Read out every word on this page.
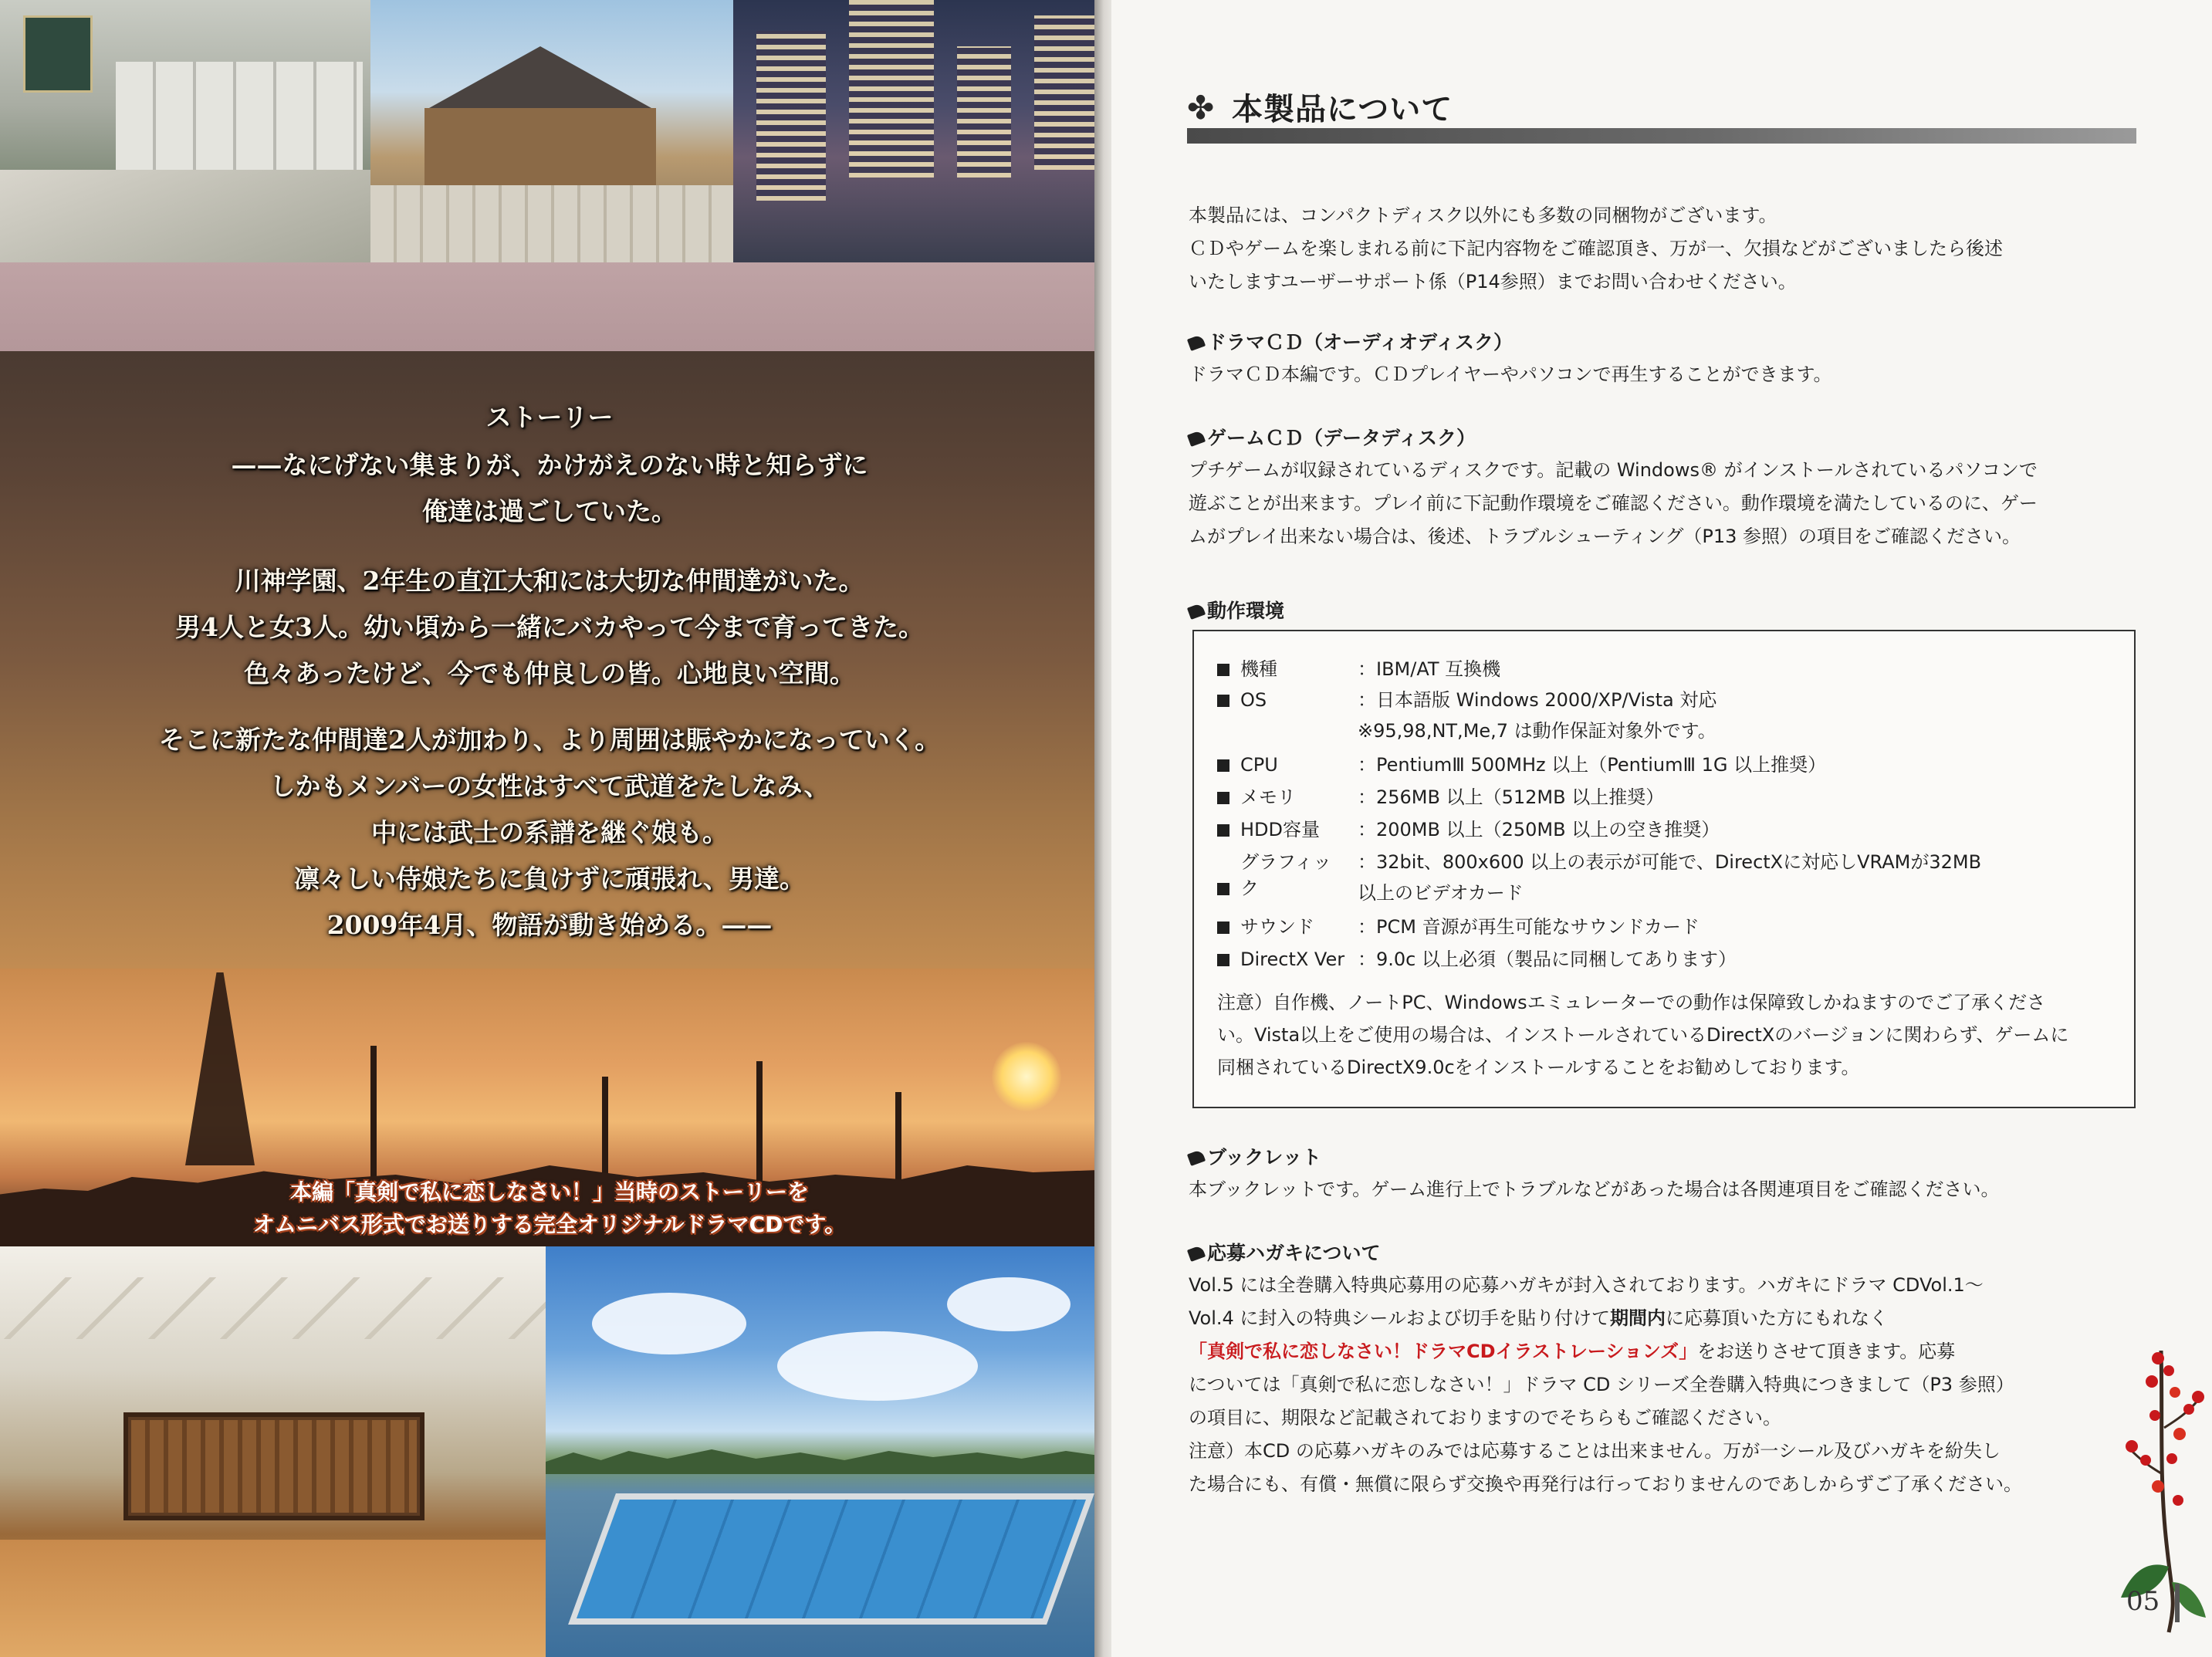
ストーリー
——なにげない集まりが、かけがえのない時と知らずに
俺達は過ごしていた。
川神学園、2年生の直江大和には大切な仲間達がいた。
男4人と女3人。幼い頃から一緒にバカやって今まで育ってきた。
色々あったけど、今でも仲良しの皆。心地良い空間。
そこに新たな仲間達2人が加わり、より周囲は賑やかになっていく。
しかもメンバーの女性はすべて武道をたしなみ、
中には武士の系譜を継ぐ娘も。
凛々しい侍娘たちに負けずに頑張れ、男達。
2009年4月、物語が動き始める。——
本編「真剣で私に恋しなさい！」当時のストーリーを
オムニバス形式でお送りする完全オリジナルドラマCDです。
✤ 本製品について
本製品には、コンパクトディスク以外にも多数の同梱物がございます。
ＣＤやゲームを楽しまれる前に下記内容物をご確認頂き、万が一、欠損などがございましたら後述
いたしますユーザーサポート係（P14参照）までお問い合わせください。
ドラマＣＤ（オーディオディスク）
ドラマＣＤ本編です。ＣＤプレイヤーやパソコンで再生することができます。
ゲームＣＤ（データディスク）
プチゲームが収録されているディスクです。記載の Windows® がインストールされているパソコンで
遊ぶことが出来ます。プレイ前に下記動作環境をご確認ください。動作環境を満たしているのに、ゲー
ムがプレイ出来ない場合は、後述、トラブルシューティング（P13 参照）の項目をご確認ください。
動作環境
機種	：IBM/AT 互換機
OS	：日本語版 Windows 2000/XP/Vista 対応
※95,98,NT,Me,7 は動作保証対象外です。
CPU	：PentiumⅢ 500MHz 以上（PentiumⅢ 1G 以上推奨）
メモリ	：256MB 以上（512MB 以上推奨）
HDD容量 ：200MB 以上（250MB 以上の空き推奨）
グラフィック
：32bit、800x600 以上の表示が可能で、DirectXに対応しVRAMが32MB
以上のビデオカード
サウンド ：PCM 音源が再生可能なサウンドカード
DirectX Ver ：9.0c 以上必須（製品に同梱してあります）
注意）自作機、ノートPC、Windowsエミュレーターでの動作は保障致しかねますのでご了承くださ
い。Vista以上をご使用の場合は、インストールされているDirectXのバージョンに関わらず、ゲームに
同梱されているDirectX9.0cをインストールすることをお勧めしております。
ブックレット
本ブックレットです。ゲーム進行上でトラブルなどがあった場合は各関連項目をご確認ください。
応募ハガキについて
Vol.5 には全巻購入特典応募用の応募ハガキが封入されております。ハガキにドラマ CDVol.1～
Vol.4 に封入の特典シールおよび切手を貼り付けて期間内に応募頂いた方にもれなく
「真剣で私に恋しなさい！ドラマCDイラストレーションズ」をお送りさせて頂きます。応募
については「真剣で私に恋しなさい！」ドラマ CD シリーズ全巻購入特典につきまして（P3 参照）
の項目に、期限など記載されておりますのでそちらもご確認ください。
注意）本CD の応募ハガキのみでは応募することは出来ません。万が一シール及びハガキを紛失し
た場合にも、有償・無償に限らず交換や再発行は行っておりませんのであしからずご了承ください。
05
